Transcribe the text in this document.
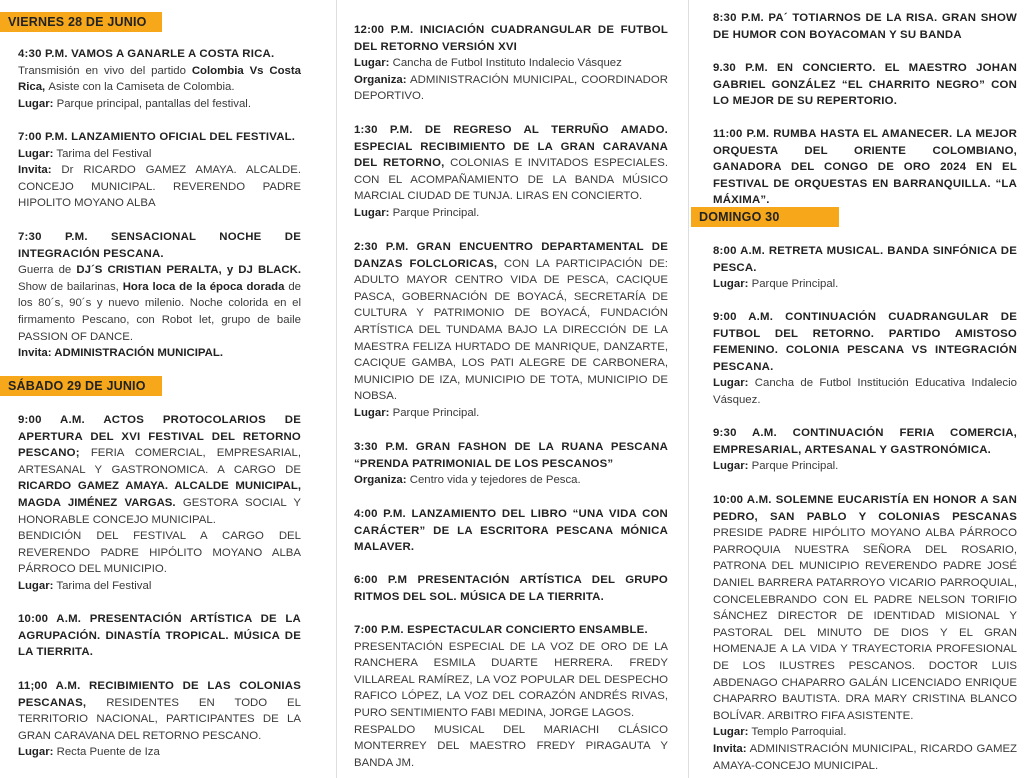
VIERNES 28 DE JUNIO

4:30 P.M. VAMOS A GANARLE A COSTA RICA.

Transmisión en vivo del partido Colombia Vs Costa Rica, Asiste con la Camiseta de Colombia.

Lugar: Parque principal, pantallas del festival.

7:00 P.M. LANZAMIENTO OFICIAL DEL FESTIVAL.

Lugar: Tarima del Festival

Invita: Dr RICARDO GAMEZ AMAYA. ALCALDE. CONCEJO MUNICIPAL. REVERENDO PADRE HIPOLITO MOYANO ALBA

7:30 P.M. SENSACIONAL NOCHE DE INTEGRACIÓN PESCANA.

Guerra de DJ´S CRISTIAN PERALTA, y DJ BLACK. Show de bailarinas, Hora loca de la época dorada de los 80´s, 90´s y nuevo milenio. Noche colorida en el firmamento Pescano, con Robot let, grupo de baile PASSION OF DANCE.

Invita: ADMINISTRACIÓN MUNICIPAL.

SÁBADO 29 DE JUNIO

9:00 A.M. ACTOS PROTOCOLARIOS DE APERTURA DEL XVI FESTIVAL DEL RETORNO PESCANO; FERIA COMERCIAL, EMPRESARIAL, ARTESANAL Y GASTRONOMICA. A CARGO DE RICARDO GAMEZ AMAYA. ALCALDE MUNICIPAL, MAGDA JIMÉNEZ VARGAS. GESTORA SOCIAL Y HONORABLE CONCEJO MUNICIPAL.

BENDICIÓN DEL FESTIVAL A CARGO DEL REVERENDO PADRE HIPÓLITO MOYANO ALBA PÁRROCO DEL MUNICIPIO.

Lugar: Tarima del Festival

10:00 A.M. PRESENTACIÓN ARTÍSTICA DE LA AGRUPACIÓN. DINASTÍA TROPICAL. MÚSICA DE LA TIERRITA.

11;00 A.M. RECIBIMIENTO DE LAS COLONIAS PESCANAS, RESIDENTES EN TODO EL TERRITORIO NACIONAL, PARTICIPANTES DE LA GRAN CARAVANA DEL RETORNO PESCANO.

Lugar: Recta Puente de Iza

12:00 P.M. INICIACIÓN CUADRANGULAR DE FUTBOL DEL RETORNO VERSIÓN XVI

Lugar: Cancha de Futbol Instituto Indalecio Vásquez

Organiza: ADMINISTRACIÓN MUNICIPAL, COORDINADOR DEPORTIVO.

1:30 P.M. DE REGRESO AL TERRUÑO AMADO. ESPECIAL RECIBIMIENTO DE LA GRAN CARAVANA DEL RETORNO, COLONIAS E INVITADOS ESPECIALES. CON EL ACOMPAÑAMIENTO DE LA BANDA MÚSICO MARCIAL CIUDAD DE TUNJA. LIRAS EN CONCIERTO.

Lugar: Parque Principal.

2:30 P.M. GRAN ENCUENTRO DEPARTAMENTAL DE DANZAS FOLCLORICAS, CON LA PARTICIPACIÓN DE: ADULTO MAYOR CENTRO VIDA DE PESCA, CACIQUE PASCA, GOBERNACIÓN DE BOYACÁ, SECRETARÍA DE CULTURA Y PATRIMONIO DE BOYACÁ, FUNDACIÓN ARTÍSTICA DEL TUNDAMA BAJO LA DIRECCIÓN DE LA MAESTRA FELIZA HURTADO DE MANRIQUE, DANZARTE, CACIQUE GAMBA, LOS PATI ALEGRE DE CARBONERA, MUNICIPIO DE IZA, MUNICIPIO DE TOTA, MUNICIPIO DE NOBSA.

Lugar: Parque Principal.

3:30 P.M. GRAN FASHON DE LA RUANA PESCANA “PRENDA PATRIMONIAL DE LOS PESCANOS”

Organiza: Centro vida y tejedores de Pesca.

4:00 P.M. LANZAMIENTO DEL LIBRO “UNA VIDA CON CARÁCTER” DE LA ESCRITORA PESCANA MÓNICA MALAVER.

6:00 P.M PRESENTACIÓN ARTÍSTICA DEL GRUPO RITMOS DEL SOL. MÚSICA DE LA TIERRITA.

7:00 P.M. ESPECTACULAR CONCIERTO ENSAMBLE.

PRESENTACIÓN ESPECIAL DE LA VOZ DE ORO DE LA RANCHERA ESMILA DUARTE HERRERA. FREDY VILLAREAL RAMÍREZ, LA VOZ POPULAR DEL DESPECHO RAFICO LÓPEZ, LA VOZ DEL CORAZÓN ANDRÉS RIVAS, PURO SENTIMIENTO FABI MEDINA, JORGE LAGOS.

RESPALDO MUSICAL DEL MARIACHI CLÁSICO MONTERREY DEL MAESTRO FREDY PIRAGAUTA Y BANDA JM.

8:30 P.M. PA´ TOTIARNOS DE LA RISA. GRAN SHOW DE HUMOR CON BOYACOMAN Y SU BANDA

9.30 P.M. EN CONCIERTO. EL MAESTRO JOHAN GABRIEL GONZÁLEZ “EL CHARRITO NEGRO” CON LO MEJOR DE SU REPERTORIO.

11:00 P.M. RUMBA HASTA EL AMANECER. LA MEJOR ORQUESTA DEL ORIENTE COLOMBIANO, GANADORA DEL CONGO DE ORO 2024 EN EL FESTIVAL DE ORQUESTAS EN BARRANQUILLA. “LA MÁXIMA”.

DOMINGO 30

8:00 A.M. RETRETA MUSICAL. BANDA SINFÓNICA DE PESCA.

Lugar: Parque Principal.

9:00 A.M. CONTINUACIÓN CUADRANGULAR DE FUTBOL DEL RETORNO. PARTIDO AMISTOSO FEMENINO. COLONIA PESCANA VS INTEGRACIÓN PESCANA.

Lugar: Cancha de Futbol Institución Educativa Indalecio Vásquez.

9:30 A.M. CONTINUACIÓN FERIA COMERCIA, EMPRESARIAL, ARTESANAL Y GASTRONÓMICA.

Lugar: Parque Principal.

10:00 A.M. SOLEMNE EUCARISTÍA EN HONOR A SAN PEDRO, SAN PABLO Y COLONIAS PESCANAS PRESIDE PADRE HIPÓLITO MOYANO ALBA PÁRROCO PARROQUIA NUESTRA SEÑORA DEL ROSARIO, PATRONA DEL MUNICIPIO REVERENDO PADRE JOSÉ DANIEL BARRERA PATARROYO VICARIO PARROQUIAL, CONCELEBRANDO CON EL PADRE NELSON TORIFIO SÁNCHEZ DIRECTOR DE IDENTIDAD MISIONAL Y PASTORAL DEL MINUTO DE DIOS Y EL GRAN HOMENAJE A LA VIDA Y TRAYECTORIA PROFESIONAL DE LOS ILUSTRES PESCANOS. DOCTOR LUIS ABDENAGO CHAPARRO GALÁN LICENCIADO ENRIQUE CHAPARRO BAUTISTA. DRA MARY CRISTINA BLANCO BOLÍVAR. ARBITRO FIFA ASISTENTE.

Lugar: Templo Parroquial.

Invita: ADMINISTRACIÓN MUNICIPAL, RICARDO GAMEZ AMAYA-CONCEJO MUNICIPAL.
